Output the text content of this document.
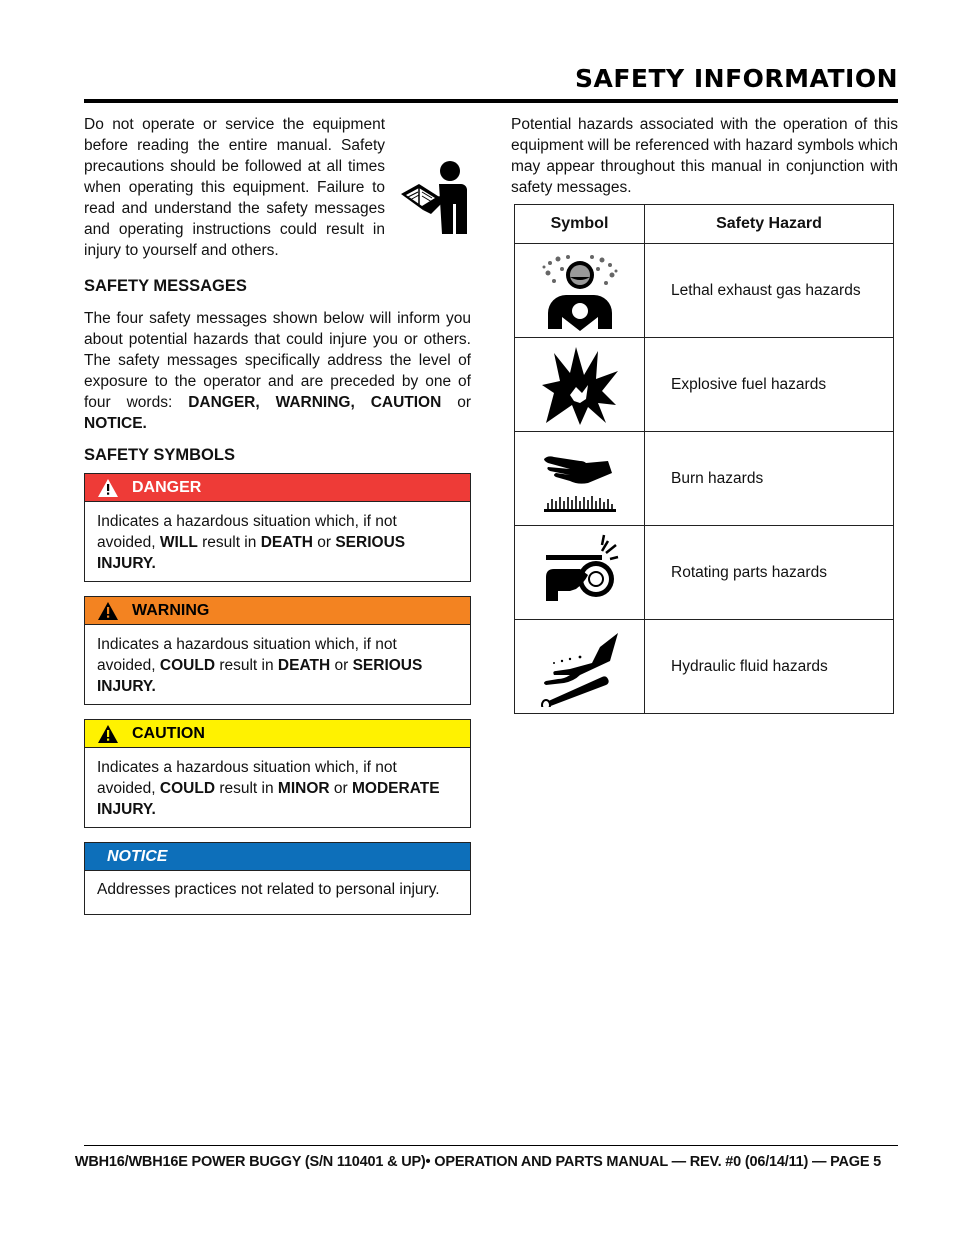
SAFETY INFORMATION

Do not operate or service the equipment before reading the entire manual. Safety precautions should be followed at all times when operating this equipment. Failure to read and understand the safety messages and operating instructions could result in injury to yourself and others.

SAFETY MESSAGES

The four safety messages shown below will inform you about potential hazards that could injure you or others. The safety messages specifically address the level of exposure to the operator and are preceded by one of four words: DANGER, WARNING, CAUTION or NOTICE.

SAFETY SYMBOLS
DANGER
Indicates a hazardous situation which, if not avoided, WILL result in DEATH or SERIOUS INJURY.
WARNING
Indicates a hazardous situation which, if not avoided, COULD result in DEATH or SERIOUS INJURY.
CAUTION
Indicates a hazardous situation which, if not avoided, COULD result in MINOR or MODERATE INJURY.
NOTICE
Addresses practices not related to personal injury.

Potential hazards associated with the operation of this equipment will be referenced with hazard symbols which may appear throughout this manual in conjunction with safety messages.

Symbol	Safety Hazard

	Lethal exhaust gas hazards

	Explosive fuel hazards

	Burn hazards

	Rotating parts hazards

	Hydraulic fluid hazards
WBH16/WBH16E POWER BUGGY (S/N 110401 & UP)• OPERATION AND PARTS MANUAL — REV. #0 (06/14/11) — PAGE 5
